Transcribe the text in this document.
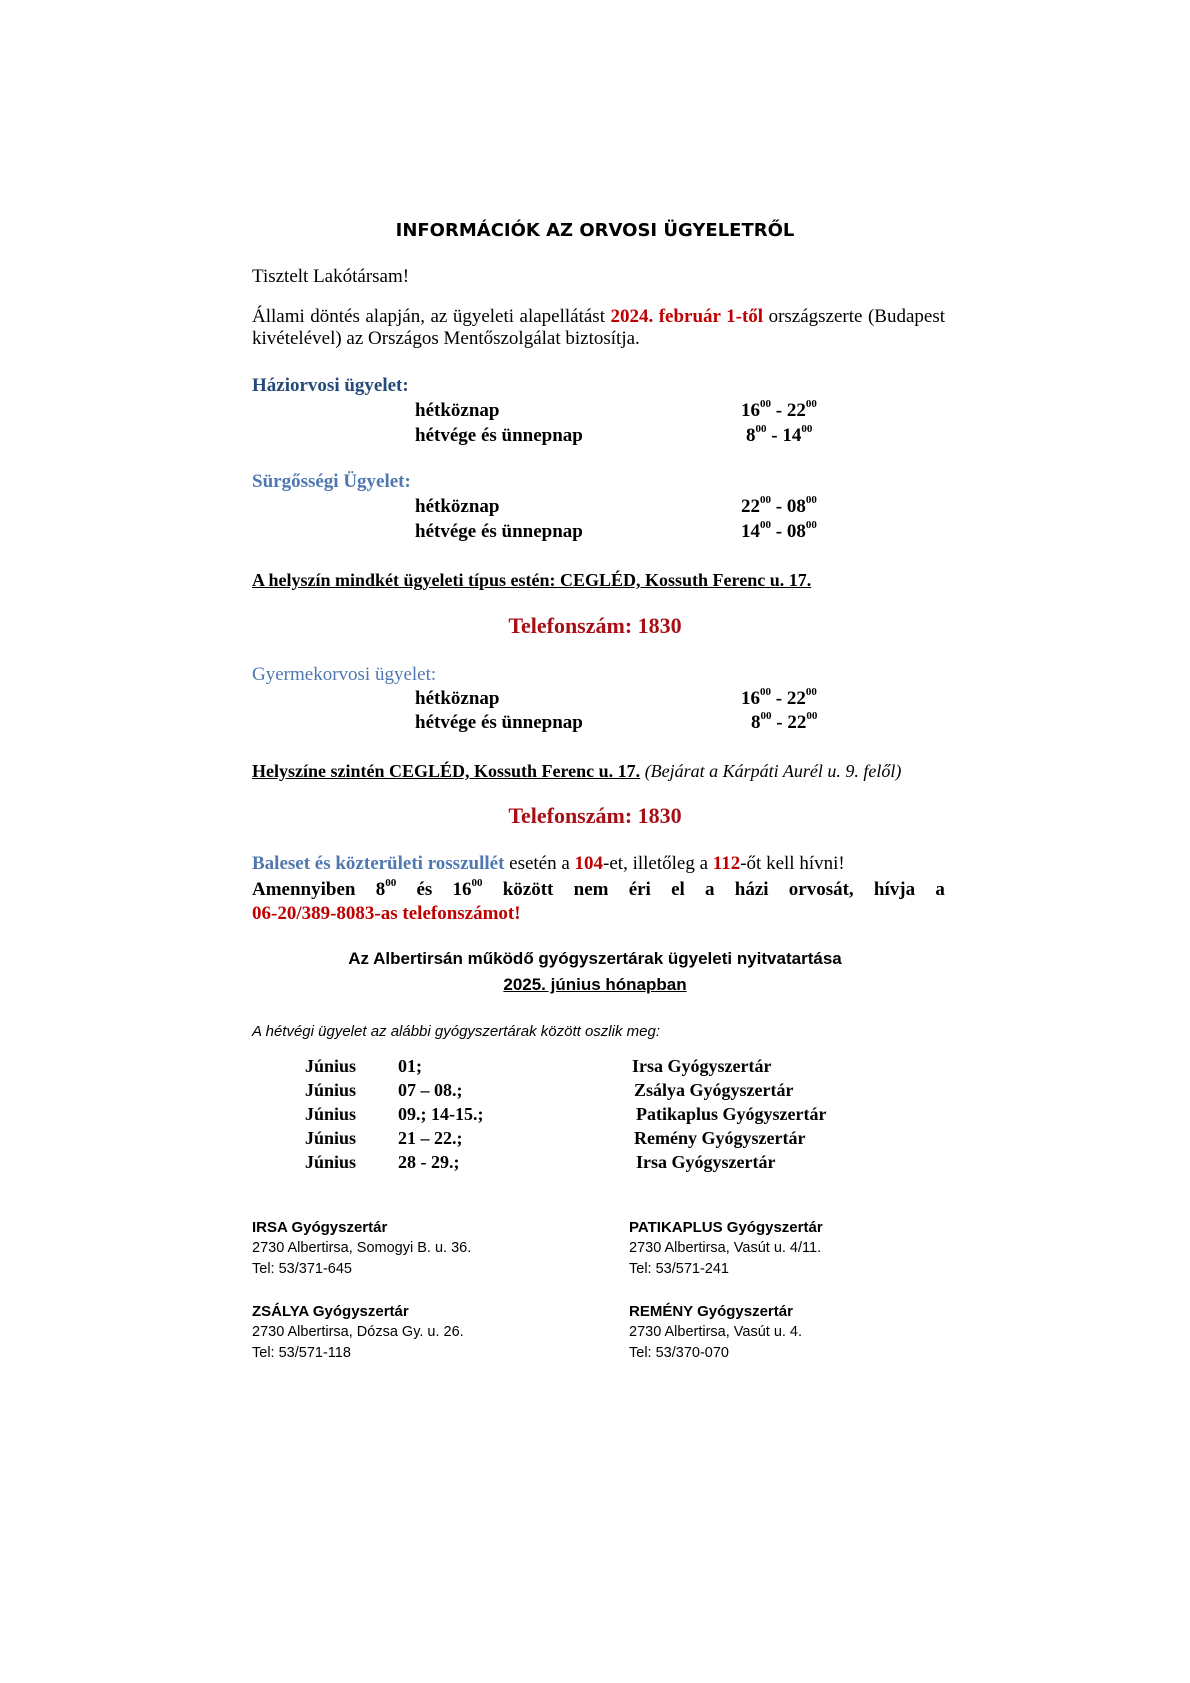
INFORMÁCIÓK AZ ORVOSI ÜGYELETRŐL
Tisztelt Lakótársam!
Állami döntés alapján, az ügyeleti alapellátást 2024. február 1-től országszerte (Budapest kivételével) az Országos Mentőszolgálat biztosítja.
Háziorvosi ügyelet:
hétköznap	$16^{00} - 22^{00}$
hétvége és ünnepnap	$8^{00} - 14^{00}$
Sürgősségi Ügyelet:
hétköznap	$22^{00} - 08^{00}$
hétvége és ünnepnap	$14^{00} - 08^{00}$
A helyszín mindkét ügyeleti típus estén: CEGLÉD, Kossuth Ferenc u. 17.
Telefonszám: 1830
Gyermekorvosi ügyelet:
hétköznap	$16^{00} - 22^{00}$
hétvége és ünnepnap	$8^{00} - 22^{00}$
Helyszíne szintén CEGLÉD, Kossuth Ferenc u. 17. (Bejárat a Kárpáti Aurél u. 9. felől)
Telefonszám: 1830
Baleset és közterületi rosszullét esetén a 104-et, illetőleg a 112-őt kell hívni!
Amennyiben $8^{00}$ és $16^{00}$ között nem éri el a házi orvosát, hívja a
06-20/389-8083-as telefonszámot!
Az Albertirsán működő gyógyszertárak ügyeleti nyitvatartása
2025. június hónapban
A hétvégi ügyelet az alábbi gyógyszertárak között oszlik meg:
Június 01;	Irsa Gyógyszertár
Június 07 – 08.;	Zsálya Gyógyszertár
Június 09.; 14-15.;	Patikaplus Gyógyszertár
Június 21 – 22.;	Remény Gyógyszertár
Június 28 - 29.;	Irsa Gyógyszertár
IRSA Gyógyszertár
2730 Albertirsa, Somogyi B. u. 36.
Tel: 53/371-645
PATIKAPLUS Gyógyszertár
2730 Albertirsa, Vasút u. 4/11.
Tel: 53/571-241
ZSÁLYA Gyógyszertár
2730 Albertirsa, Dózsa Gy. u. 26.
Tel: 53/571-118
REMÉNY Gyógyszertár
2730 Albertirsa, Vasút u. 4.
Tel: 53/370-070
